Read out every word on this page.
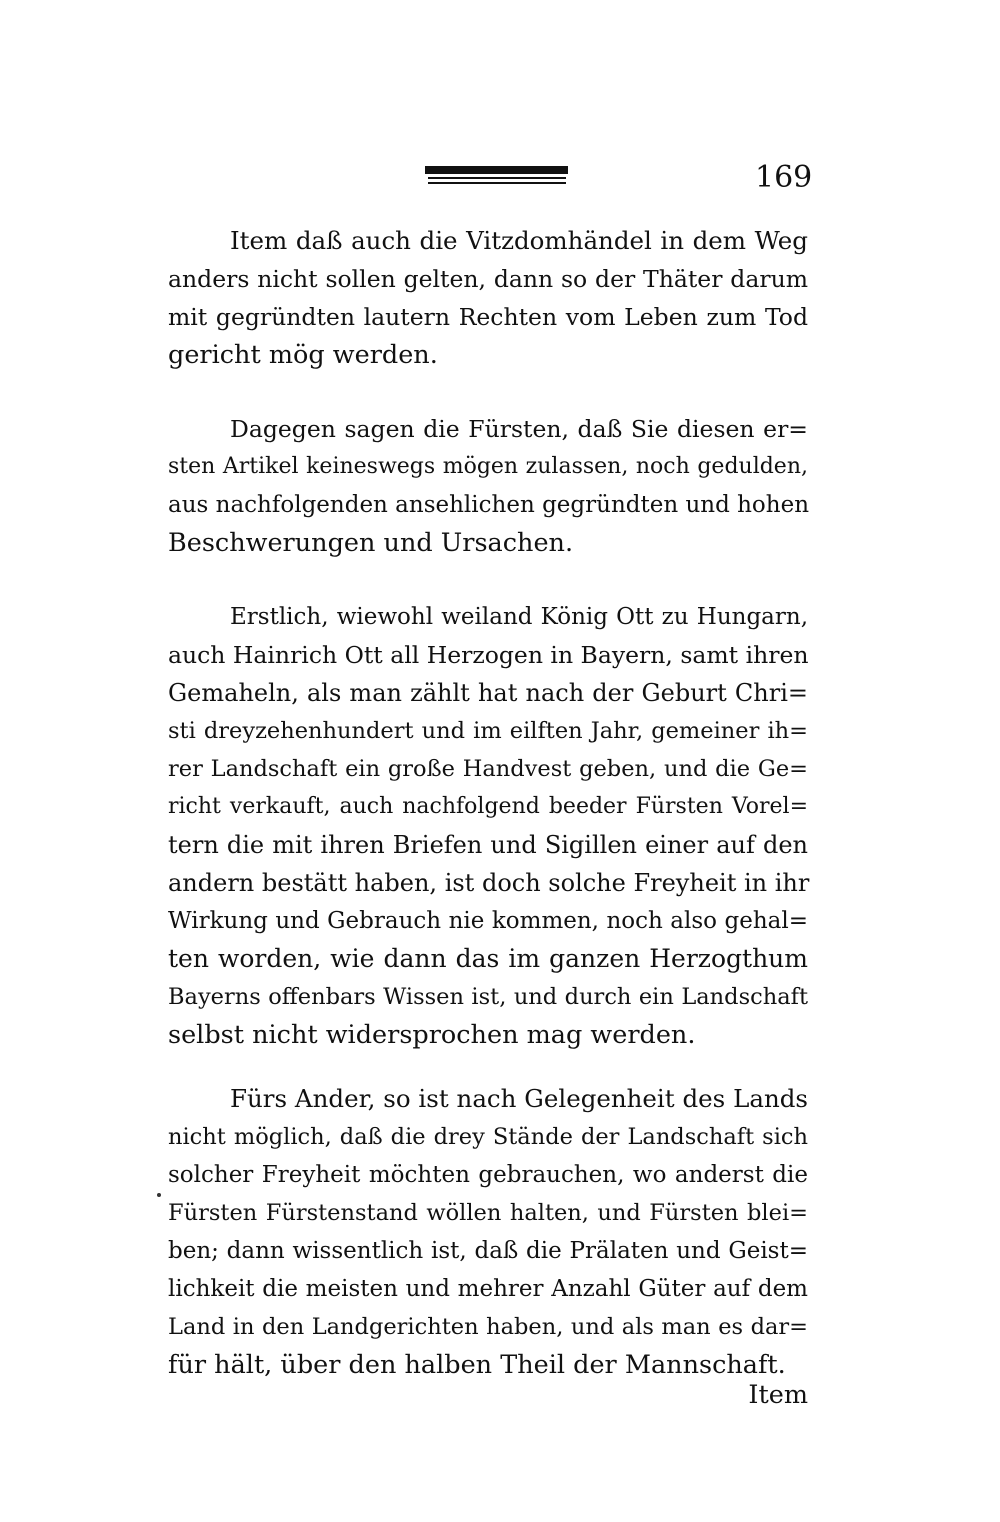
169
Item daß auch die Vitzdomhändel in dem Weg
anders nicht sollen gelten, dann so der Thäter darum
mit gegründten lautern Rechten vom Leben zum Tod
gericht mög werden.
Dagegen sagen die Fürsten, daß Sie diesen er=
sten Artikel keineswegs mögen zulassen, noch gedulden,
aus nachfolgenden ansehlichen gegründten und hohen
Beschwerungen und Ursachen.
Erstlich, wiewohl weiland König Ott zu Hungarn,
auch Hainrich Ott all Herzogen in Bayern, samt ihren
Gemaheln, als man zählt hat nach der Geburt Chri=
sti dreyzehenhundert und im eilften Jahr, gemeiner ih=
rer Landschaft ein große Handvest geben, und die Ge=
richt verkauft, auch nachfolgend beeder Fürsten Vorel=
tern die mit ihren Briefen und Sigillen einer auf den
andern bestätt haben, ist doch solche Freyheit in ihr
Wirkung und Gebrauch nie kommen, noch also gehal=
ten worden, wie dann das im ganzen Herzogthum
Bayerns offenbars Wissen ist, und durch ein Landschaft
selbst nicht widersprochen mag werden.
Fürs Ander, so ist nach Gelegenheit des Lands
nicht möglich, daß die drey Stände der Landschaft sich
solcher Freyheit möchten gebrauchen, wo anderst die
Fürsten Fürstenstand wöllen halten, und Fürsten blei=
ben; dann wissentlich ist, daß die Prälaten und Geist=
lichkeit die meisten und mehrer Anzahl Güter auf dem
Land in den Landgerichten haben, und als man es dar=
für hält, über den halben Theil der Mannschaft.
Item
